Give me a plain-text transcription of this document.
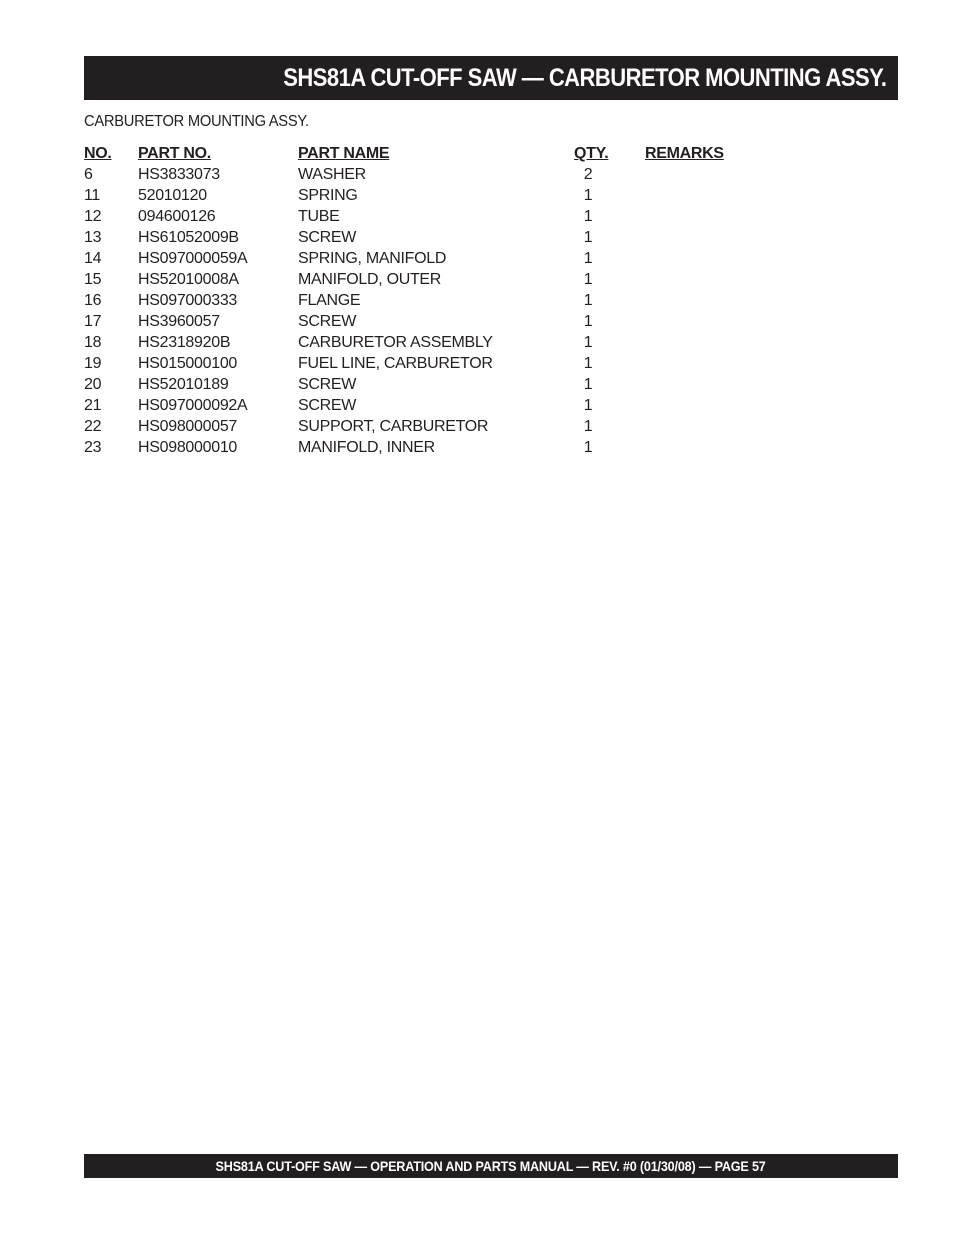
SHS81A CUT-OFF SAW — CARBURETOR MOUNTING ASSY.
CARBURETOR MOUNTING ASSY.
NO. PART NO.	PART NAME	QTY. REMARKS
6	HS3833073	WASHER	2
11 52010120	SPRING	1
12 094600126	TUBE	1
13 HS61052009B	SCREW	1
14 HS097000059A	SPRING, MANIFOLD	1
15 HS52010008A	MANIFOLD, OUTER	1
16 HS097000333	FLANGE	1
17 HS3960057	SCREW	1
18 HS2318920B	CARBURETOR ASSEMBLY	1
19 HS015000100	FUEL LINE, CARBURETOR	1
20 HS52010189	SCREW	1
21 HS097000092A	SCREW	1
22 HS098000057	SUPPORT, CARBURETOR	1
23 HS098000010	MANIFOLD, INNER	1
SHS81A CUT-OFF SAW — OPERATION AND PARTS MANUAL — REV. #0 (01/30/08) — PAGE 57
